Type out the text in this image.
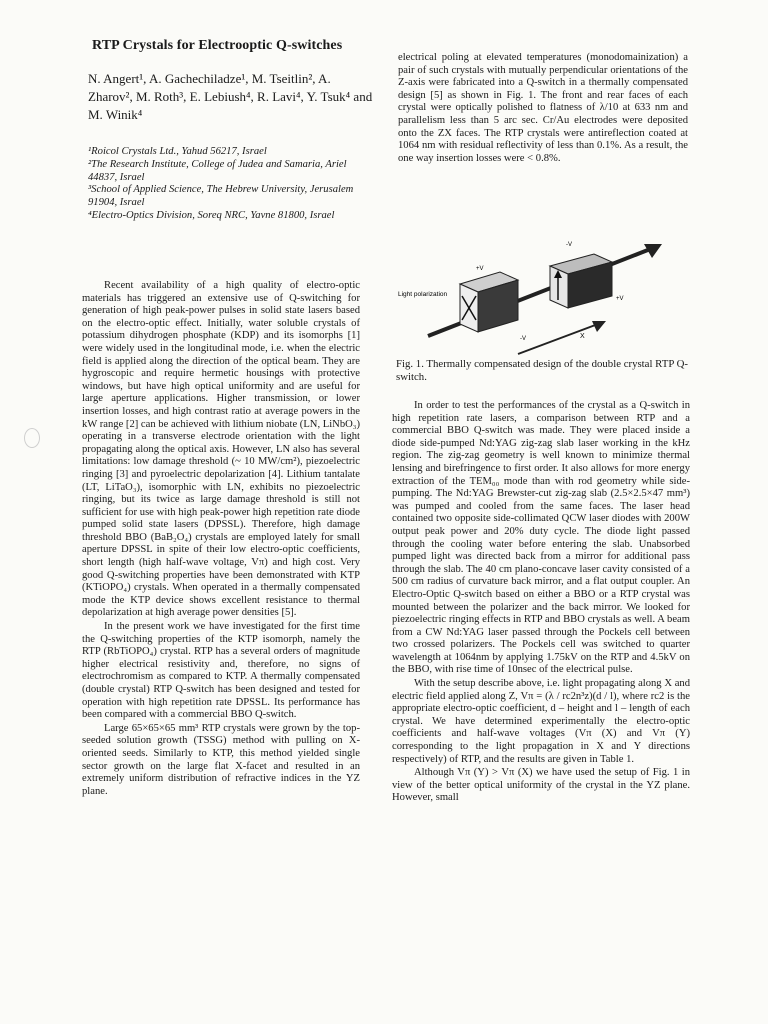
RTP Crystals for Electrooptic Q-switches
N. Angert¹, A. Gachechiladze¹, M. Tseitlin², A. Zharov², M. Roth³, E. Lebiush⁴, R. Lavi⁴, Y. Tsuk⁴ and M. Winik⁴

¹Roicol Crystals Ltd., Yahud 56217, Israel

²The Research Institute, College of Judea and Samaria, Ariel 44837, Israel

³School of Applied Science, The Hebrew University, Jerusalem 91904, Israel

⁴Electro-Optics Division, Soreq NRC, Yavne 81800, Israel

Recent availability of a high quality of electro-optic materials has triggered an extensive use of Q-switching for generation of high peak-power pulses in solid state lasers based on the electro-optic effect. Initially, water soluble crystals of potassium dihydrogen phosphate (KDP) and its isomorphs [1] were widely used in the longitudinal mode, i.e. when the electric field is applied along the direction of the optical beam. They are hygroscopic and require hermetic housings with protective windows, but have high optical uniformity and are useful for large aperture applications. Higher transmission, or lower insertion losses, and high contrast ratio at average powers in the kW range [2] can be achieved with lithium niobate (LN, LiNbO₃) operating in a transverse electrode orientation with the light propagating along the optical axis. However, LN also has several limitations: low damage threshold (~ 10 MW/cm²), piezoelectric ringing [3] and pyroelectric depolarization [4]. Lithium tantalate (LT, LiTaO₃), isomorphic with LN, exhibits no piezoelectric ringing, but its twice as large damage threshold is still not sufficient for use with high peak-power high repetition rate diode pumped solid state lasers (DPSSL). Therefore, high damage threshold BBO (BaB₂O₄) crystals are employed lately for small aperture DPSSL in spite of their low electro-optic coefficients, short length (high half-wave voltage, Vπ) and high cost. Very good Q-switching properties have been demonstrated with KTP (KTiOPO₄) crystals. When operated in a thermally compensated mode the KTP device shows excellent resistance to thermal depolarization at high average power densities [5].

In the present work we have investigated for the first time the Q-switching properties of the KTP isomorph, namely the RTP (RbTiOPO₄) crystal. RTP has a several orders of magnitude higher electrical resistivity and, therefore, no signs of electrochromism as compared to KTP. A thermally compensated (double crystal) RTP Q-switch has been designed and tested for operation with high repetition rate DPSSL. Its performance has been compared with a commercial BBO Q-switch.

Large 65×65×65 mm³ RTP crystals were grown by the top-seeded solution growth (TSSG) method with pulling on X-oriented seeds. Similarly to KTP, this method yielded single sector growth on the large flat X-facet and resulted in an extremely uniform distribution of refractive indices in the YZ plane.

electrical poling at elevated temperatures (monodomainization) a pair of such crystals with mutually perpendicular orientations of the Z-axis were fabricated into a Q-switch in a thermally compensated design [5] as shown in Fig. 1. The front and rear faces of each crystal were optically polished to flatness of λ/10 at 633 nm and parallelism less than 5 arc sec. Cr/Au electrodes were deposited onto the ZX faces. The RTP crystals were antireflection coated at 1064 nm with residual reflectivity of less than 0.1%. As a result, the one way insertion losses were < 0.8%.

Light polarization
+V
-V
+V
-V
X
Fig. 1. Thermally compensated design of the double crystal RTP Q-switch.

In order to test the performances of the crystal as a Q-switch in high repetition rate lasers, a comparison between RTP and a commercial BBO Q-switch was made. They were placed inside a diode side-pumped Nd:YAG zig-zag slab laser working in the kHz region. The zig-zag geometry is well known to minimize thermal lensing and birefringence to first order. It also allows for more energy extraction of the TEM₀₀ mode than with rod geometry while side-pumping. The Nd:YAG Brewster-cut zig-zag slab (2.5×2.5×47 mm³) was pumped and cooled from the same faces. The laser head contained two opposite side-collimated QCW laser diodes with 200W output peak power and 20% duty cycle. The diode light passed through the cooling water before entering the slab. Unabsorbed pumped light was directed back from a mirror for additional pass through the slab. The 40 cm plano-concave laser cavity consisted of a 500 cm radius of curvature back mirror, and a flat output coupler. An Electro-Optic Q-switch based on either a BBO or a RTP crystal was mounted between the polarizer and the back mirror. We looked for piezoelectric ringing effects in RTP and BBO crystals as well. A beam from a CW Nd:YAG laser passed through the Pockels cell between two crossed polarizers. The Pockels cell was switched to quarter wavelength at 1064nm by applying 1.75kV on the RTP and 4.5kV on the BBO, with rise time of 10nsec of the electrical pulse.

With the setup describe above, i.e. light propagating along X and electric field applied along Z, Vπ = (λ / rc2n³z)(d / l), where rc2 is the appropriate electro-optic coefficient, d – height and l – length of each crystal. We have determined experimentally the electro-optic coefficients and half-wave voltages (Vπ (X) and Vπ (Y) corresponding to the light propagation in X and Y directions respectively) of RTP, and the results are given in Table 1.

Although Vπ (Y) > Vπ (X) we have used the setup of Fig. 1 in view of the better optical uniformity of the crystal in the YZ plane. However, small
